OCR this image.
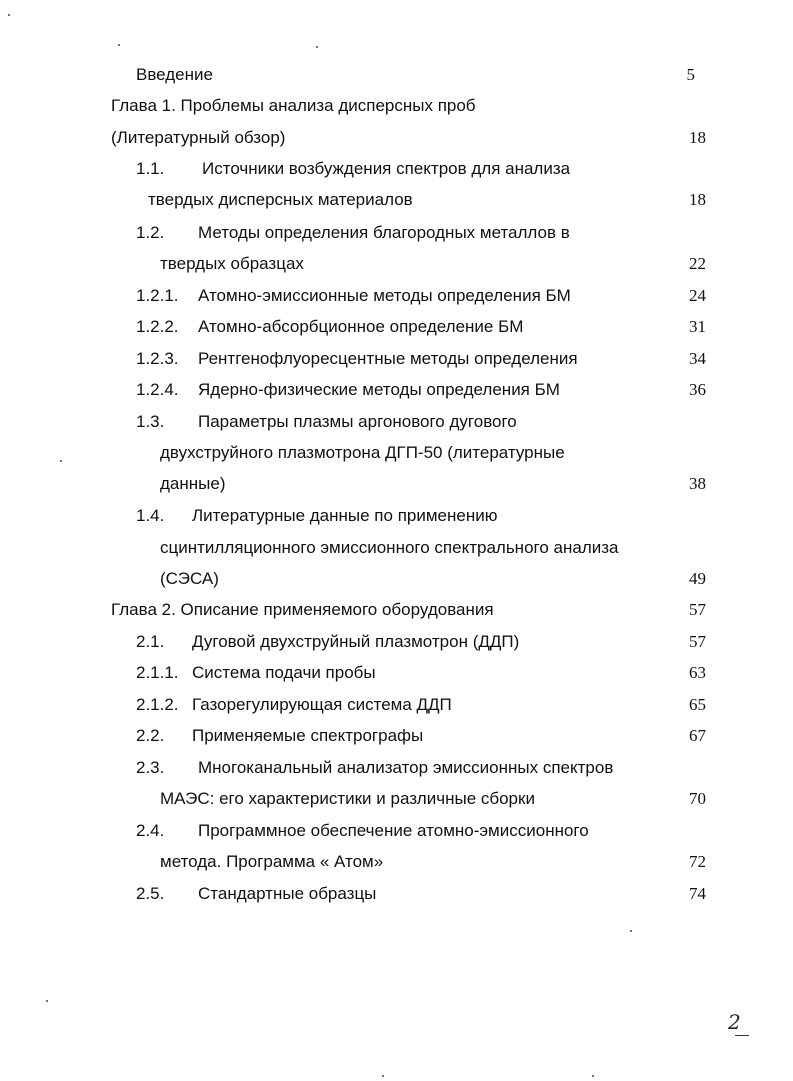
Введение	5
Глава 1. Проблемы анализа дисперсных проб
(Литературный обзор)	18
1.1. Источники возбуждения спектров для анализа
твердых дисперсных материалов	18
1.2. Методы определения благородных металлов в
твердых образцах	22
1.2.1. Атомно-эмиссионные методы определения БМ	24
1.2.2. Атомно-абсорбционное определение БМ	31
1.2.3. Рентгенофлуоресцентные методы определения	34
1.2.4. Ядерно-физические методы определения БМ	36
1.3. Параметры плазмы аргонового дугового
двухструйного плазмотрона ДГП-50 (литературные
данные)	38
1.4. Литературные данные по применению
сцинтилляционного эмиссионного спектрального анализа
(СЭСА)	49
Глава 2. Описание применяемого оборудования	57
2.1. Дуговой двухструйный плазмотрон (ДДП)	57
2.1.1. Система подачи пробы	63
2.1.2. Газорегулирующая система ДДП	65
2.2. Применяемые спектрографы	67
2.3. Многоканальный анализатор эмиссионных спектров
МАЭС: его характеристики и различные сборки	70
2.4. Программное обеспечение атомно-эмиссионного
метода. Программа « Атом»	72
2.5. Стандартные образцы	74
2
